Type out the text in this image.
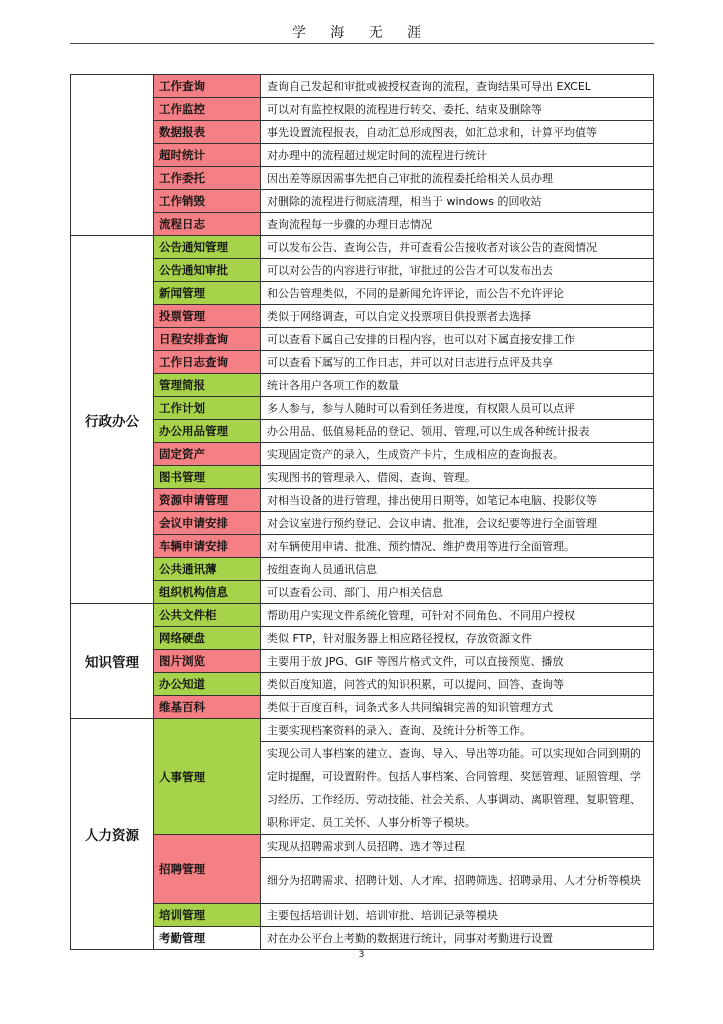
学 海 无 涯
	工作查询	查询自己发起和审批或被授权查询的流程，查询结果可导出 EXCEL
	工作监控	可以对有监控权限的流程进行转交、委托、结束及删除等
	数据报表	事先设置流程报表，自动汇总形成图表，如汇总求和，计算平均值等
	超时统计	对办理中的流程超过规定时间的流程进行统计
	工作委托	因出差等原因需事先把自己审批的流程委托给相关人员办理
	工作销毁	对删除的流程进行彻底清理，相当于 windows 的回收站
	流程日志	查询流程每一步骤的办理日志情况
行政办公	公告通知管理	可以发布公告、查询公告，并可查看公告接收者对该公告的查阅情况
	公告通知审批	可以对公告的内容进行审批，审批过的公告才可以发布出去
	新闻管理	和公告管理类似，不同的是新闻允许评论，而公告不允许评论
	投票管理	类似于网络调查，可以自定义投票项目供投票者去选择
	日程安排查询	可以查看下属自己安排的日程内容，也可以对下属直接安排工作
	工作日志查询	可以查看下属写的工作日志，并可以对日志进行点评及共享
	管理简报	统计各用户各项工作的数量
	工作计划	多人参与，参与人随时可以看到任务进度，有权限人员可以点评
	办公用品管理	办公用品、低值易耗品的登记、领用、管理,可以生成各种统计报表
	固定资产	实现固定资产的录入，生成资产卡片，生成相应的查询报表。
	图书管理	实现图书的管理录入、借阅、查询、管理。
	资源申请管理	对相当设备的进行管理，排出使用日期等，如笔记本电脑、投影仪等
	会议申请安排	对会议室进行预约登记、会议申请、批准，会议纪要等进行全面管理
	车辆申请安排	对车辆使用申请、批准、预约情况、维护费用等进行全面管理。
	公共通讯薄	按组查询人员通讯信息
	组织机构信息	可以查看公司、部门、用户相关信息
知识管理	公共文件柜	帮助用户实现文件系统化管理，可针对不同角色、不同用户授权
	网络硬盘	类似 FTP，针对服务器上相应路径授权，存放资源文件
	图片浏览	主要用于放 JPG、GIF 等图片格式文件，可以直接预览、播放
	办公知道	类似百度知道，问答式的知识积累，可以提问、回答、查询等
	维基百科	类似于百度百科，词条式多人共同编辑完善的知识管理方式
人力资源	人事管理	主要实现档案资料的录入、查询、及统计分析等工作。
		实现公司人事档案的建立、查询、导入、导出等功能。可以实现如合同到期的定时提醒，可设置附件。包括人事档案、合同管理、奖惩管理、证照管理、学习经历、工作经历、劳动技能、社会关系、人事调动、离职管理、复职管理、职称评定、员工关怀、人事分析等子模块。
	招聘管理	实现从招聘需求到人员招聘、选才等过程
		细分为招聘需求、招聘计划、人才库、招聘筛选、招聘录用、人才分析等模块
	培训管理	主要包括培训计划、培训审批、培训记录等模块
	考勤管理	对在办公平台上考勤的数据进行统计，同事对考勤进行设置
3
